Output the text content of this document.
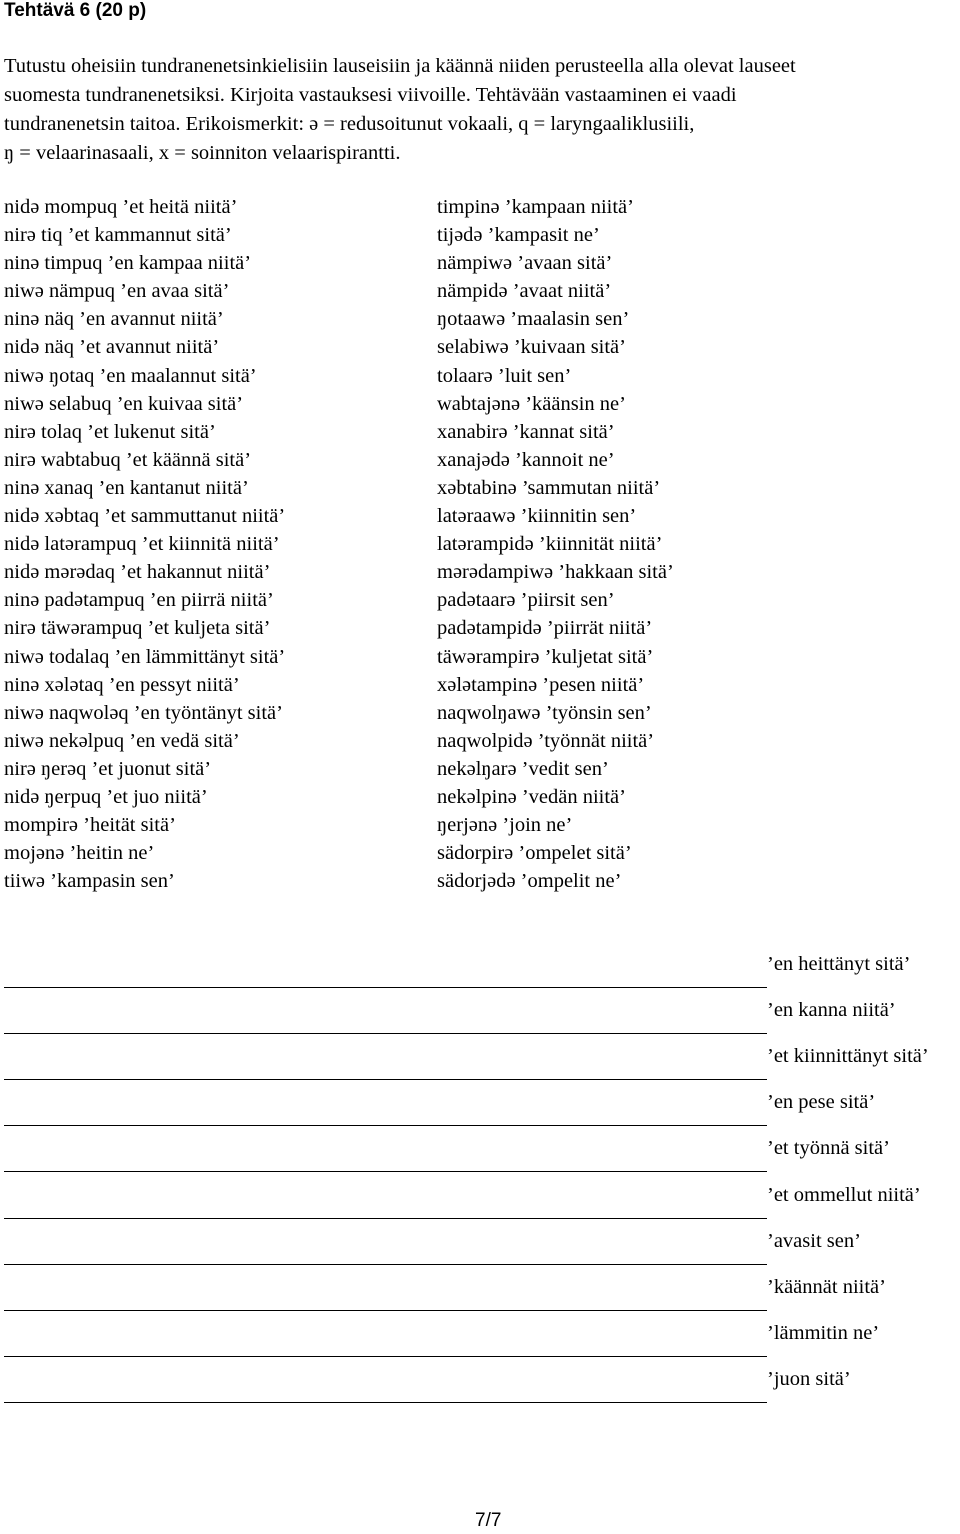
Tehtävä 6 (20 p)
Tutustu oheisiin tundranenetsinkielisiin lauseisiin ja käännä niiden perusteella alla olevat lauseet
suomesta tundranenetsiksi. Kirjoita vastauksesi viivoille. Tehtävään vastaaminen ei vaadi
tundranenetsin taitoa. Erikoismerkit: ə = redusoitunut vokaali, q = laryngaaliklusiili,
ŋ = velaarinasaali, x = soinniton velaarispirantti.
nidə mompuq ’et heitä niitä’
nirə tiq ’et kammannut sitä’
ninə timpuq ’en kampaa niitä’
niwə nämpuq ’en avaa sitä’
ninə näq ’en avannut niitä’
nidə näq ’et avannut niitä’
niwə ŋotaq ’en maalannut sitä’
niwə selabuq ’en kuivaa sitä’
nirə tolaq ’et lukenut sitä’
nirə wabtabuq ’et käännä sitä’
ninə xanaq ’en kantanut niitä’
nidə xəbtaq ’et sammuttanut niitä’
nidə latərampuq ’et kiinnitä niitä’
nidə mərədaq ’et hakannut niitä’
ninə padətampuq ’en piirrä niitä’
nirə täwərampuq ’et kuljeta sitä’
niwə todalaq ’en lämmittänyt sitä’
ninə xələtaq ’en pessyt niitä’
niwə naqwoləq ’en työntänyt sitä’
niwə nekəlpuq ’en vedä sitä’
nirə ŋerəq ’et juonut sitä’
nidə ŋerpuq ’et juo niitä’
mompirə ’heität sitä’
mojənə ’heitin ne’
tiiwə ’kampasin sen’
timpinə ’kampaan niitä’
tijədə ’kampasit ne’
nämpiwə ’avaan sitä’
nämpidə ’avaat niitä’
ŋotaawə ’maalasin sen’
selabiwə ’kuivaan sitä’
tolaarə ’luit sen’
wabtajənə ’käänsin ne’
xanabirə ’kannat sitä’
xanajədə ’kannoit ne’
xəbtabinə ’sammutan niitä’
latəraawə ’kiinnitin sen’
latərampidə ’kiinnität niitä’
mərədampiwə ’hakkaan sitä’
padətaarə ’piirsit sen’
padətampidə ’piirrät niitä’
täwərampirə ’kuljetat sitä’
xələtampinə ’pesen niitä’
naqwolŋawə ’työnsin sen’
naqwolpidə ’työnnät niitä’
nekəlŋarə ’vedit sen’
nekəlpinə ’vedän niitä’
ŋerjənə ’join ne’
sädorpirə ’ompelet sitä’
sädorjədə ’ompelit ne’
’en heittänyt sitä’
’en kanna niitä’
’et kiinnittänyt sitä’
’en pese sitä’
’et työnnä sitä’
’et ommellut niitä’
’avasit sen’
’käännät niitä’
’lämmitin ne’
’juon sitä’
7/7
